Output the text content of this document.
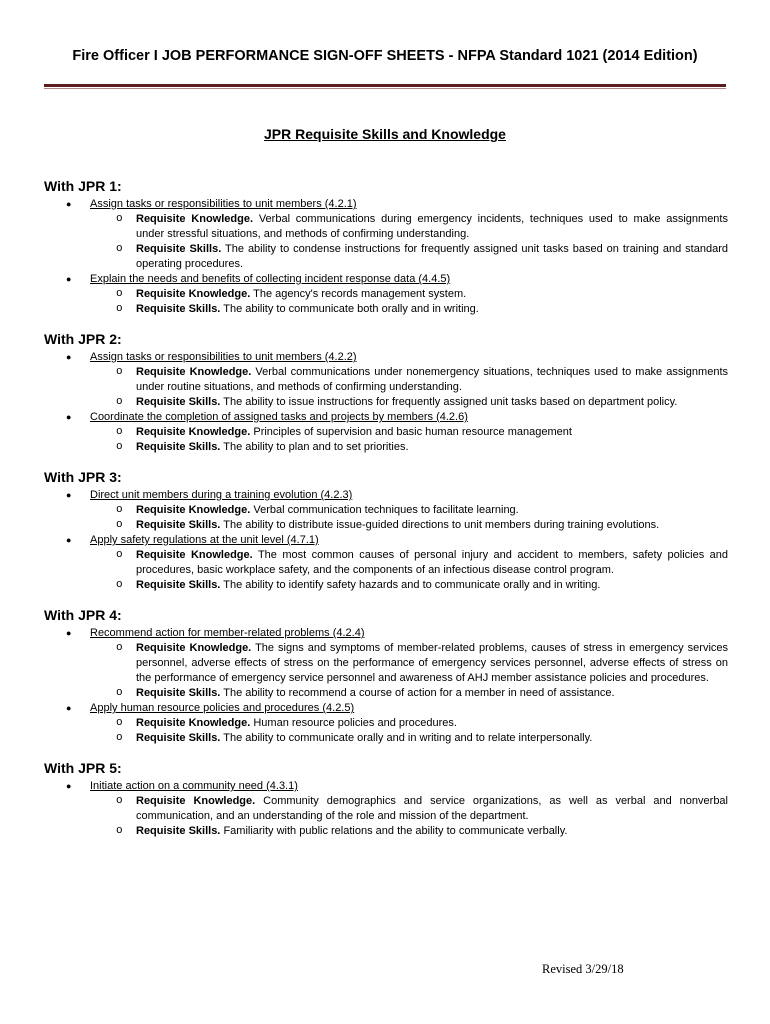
Fire Officer I JOB PERFORMANCE SIGN-OFF SHEETS - NFPA Standard 1021 (2014 Edition)
JPR Requisite Skills and Knowledge
With JPR 1:
● Assign tasks or responsibilities to unit members (4.2.1)
o Requisite Knowledge. Verbal communications during emergency incidents, techniques used to make assignments under stressful situations, and methods of confirming understanding.
o Requisite Skills. The ability to condense instructions for frequently assigned unit tasks based on training and standard operating procedures.
● Explain the needs and benefits of collecting incident response data (4.4.5)
o Requisite Knowledge. The agency's records management system.
o Requisite Skills. The ability to communicate both orally and in writing.
With JPR 2:
● Assign tasks or responsibilities to unit members (4.2.2)
o Requisite Knowledge. Verbal communications under nonemergency situations, techniques used to make assignments under routine situations, and methods of confirming understanding.
o Requisite Skills. The ability to issue instructions for frequently assigned unit tasks based on department policy.
● Coordinate the completion of assigned tasks and projects by members (4.2.6)
o Requisite Knowledge. Principles of supervision and basic human resource management
o Requisite Skills. The ability to plan and to set priorities.
With JPR 3:
● Direct unit members during a training evolution (4.2.3)
o Requisite Knowledge. Verbal communication techniques to facilitate learning.
o Requisite Skills. The ability to distribute issue-guided directions to unit members during training evolutions.
● Apply safety regulations at the unit level (4.7.1)
o Requisite Knowledge. The most common causes of personal injury and accident to members, safety policies and procedures, basic workplace safety, and the components of an infectious disease control program.
o Requisite Skills. The ability to identify safety hazards and to communicate orally and in writing.
With JPR 4:
● Recommend action for member-related problems (4.2.4)
o Requisite Knowledge. The signs and symptoms of member-related problems, causes of stress in emergency services personnel, adverse effects of stress on the performance of emergency services personnel, adverse effects of stress on the performance of emergency service personnel and awareness of AHJ member assistance policies and procedures.
o Requisite Skills. The ability to recommend a course of action for a member in need of assistance.
● Apply human resource policies and procedures (4.2.5)
o Requisite Knowledge. Human resource policies and procedures.
o Requisite Skills. The ability to communicate orally and in writing and to relate interpersonally.
With JPR 5:
● Initiate action on a community need (4.3.1)
o Requisite Knowledge. Community demographics and service organizations, as well as verbal and nonverbal communication, and an understanding of the role and mission of the department.
o Requisite Skills. Familiarity with public relations and the ability to communicate verbally.
Revised 3/29/18
